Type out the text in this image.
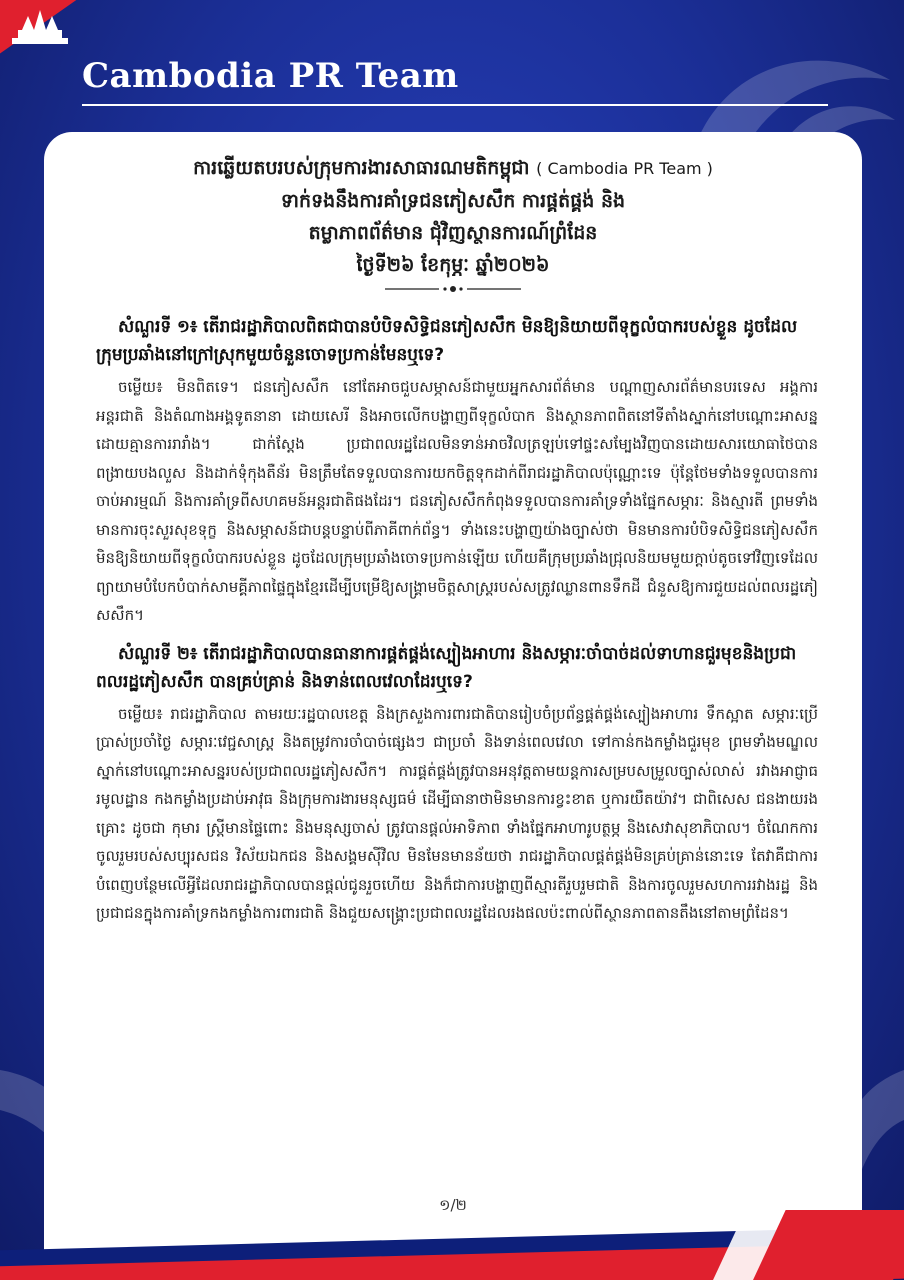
Cambodia PR Team
ការឆ្លើយតបរបស់ក្រុមការងារសាធារណមតិកម្ពុជា ( Cambodia PR Team )
ទាក់ទងនឹងការគាំទ្រជនភៀសសឹក ការផ្គត់ផ្គង់ និង
តម្លាភាពព័ត៌មាន ជុំវិញស្ថានការណ៍ព្រំដែន
ថ្ងៃទី២៦ ខែកុម្ភៈ ឆ្នាំ២០២៦
សំណួរទី ១៖ តើរាជរដ្ឋាភិបាលពិតជាបានបំបិទសិទ្ធិជនភៀសសឹក មិនឱ្យនិយាយពីទុក្ខលំបាករបស់ខ្លួន ដូចដែលក្រុមប្រឆាំងនៅក្រៅស្រុកមួយចំនួនចោទប្រកាន់មែនឬទេ?
ចម្លើយ៖ មិនពិតទេ។ ជនភៀសសឹក នៅតែអាចជួបសម្ភាសន៍ជាមួយអ្នកសារព័ត៌មាន បណ្តាញសារព័ត៌មានបរទេស អង្គការអន្តរជាតិ និងតំណាងអង្គទូតនានា ដោយសេរី និងអាចលើកបង្ហាញពីទុក្ខលំបាក និងស្ថានភាពពិតនៅទីតាំងស្នាក់នៅបណ្តោះអាសន្ន ដោយគ្មានការរារាំង។ ជាក់ស្តែង ប្រជាពលរដ្ឋដែលមិនទាន់អាចវិលត្រឡប់ទៅផ្ទះសម្បែងវិញបានដោយសារយោធាថៃបានពង្រាយបងលួស និងដាក់ទុំកុងតឺន័រ មិនត្រឹមតែទទួលបានការយកចិត្តទុកដាក់ពីរាជរដ្ឋាភិបាលប៉ុណ្ណោះទេ ប៉ុន្តែថែមទាំងទទួលបានការចាប់អារម្មណ៍ និងការគាំទ្រពីសហគមន៍អន្តរជាតិផងដែរ។ ជនភៀសសឹកកំពុងទទួលបានការគាំទ្រទាំងផ្នែកសម្ភារៈ និងស្មារតី ព្រមទាំងមានការចុះសួរសុខទុក្ខ និងសម្ភាសន៍ជាបន្តបន្ទាប់ពីភាគីពាក់ព័ន្ធ។ ទាំងនេះបង្ហាញយ៉ាងច្បាស់ថា មិនមានការបំបិទសិទ្ធិជនភៀសសឹក មិនឱ្យនិយាយពីទុក្ខលំបាករបស់ខ្លួន ដូចដែលក្រុមប្រឆាំងចោទប្រកាន់ឡើយ ហើយគឺក្រុមប្រឆាំងជ្រុលនិយមមួយក្តាប់តូចទៅវិញទេដែលព្យាយាមបំបែកបំបាក់សាមគ្គីភាពផ្ទៃក្នុងខ្មែរដើម្បីបម្រើឱ្យសង្គ្រាមចិត្តសាស្ត្ររបស់សត្រូវឈ្លានពានទឹកដី ជំនួសឱ្យការជួយដល់ពលរដ្ឋភៀសសឹក។
សំណួរទី ២៖ តើរាជរដ្ឋាភិបាលបានធានាការផ្គត់ផ្គង់ស្បៀងអាហារ និងសម្ភារៈចាំបាច់ដល់ទាហានជួរមុខនិងប្រជាពលរដ្ឋភៀសសឹក បានគ្រប់គ្រាន់ និងទាន់ពេលវេលាដែរឬទេ?
ចម្លើយ៖ រាជរដ្ឋាភិបាល តាមរយៈរដ្ឋបាលខេត្ត និងក្រសួងការពារជាតិបានរៀបចំប្រព័ន្ធផ្គត់ផ្គង់ស្បៀងអាហារ ទឹកស្អាត សម្ភារៈប្រើប្រាស់ប្រចាំថ្ងៃ សម្ភារៈវេជ្ជសាស្ត្រ និងតម្រូវការចាំបាច់ផ្សេងៗ ជាប្រចាំ និងទាន់ពេលវេលា ទៅកាន់កងកម្លាំងជួរមុខ ព្រមទាំងមណ្ឌលស្នាក់នៅបណ្តោះអាសន្នរបស់ប្រជាពលរដ្ឋភៀសសឹក។ ការផ្គត់ផ្គង់ត្រូវបានអនុវត្តតាមយន្តការសម្របសម្រួលច្បាស់លាស់ រវាងអាជ្ញាធរមូលដ្ឋាន កងកម្លាំងប្រដាប់អាវុធ និងក្រុមការងារមនុស្សធម៌ ដើម្បីធានាថាមិនមានការខ្វះខាត ឬការយឺតយ៉ាវ។ ជាពិសេស ជនងាយរងគ្រោះ ដូចជា កុមារ ស្ត្រីមានផ្ទៃពោះ និងមនុស្សចាស់ ត្រូវបានផ្តល់អាទិភាព ទាំងផ្នែកអាហារូបត្ថម្ភ និងសេវាសុខាភិបាល។ ចំណែកការចូលរួមរបស់សប្បុរសជន វិស័យឯកជន និងសង្គមស៊ីវិល មិនមែនមានន័យថា រាជរដ្ឋាភិបាលផ្គត់ផ្គង់មិនគ្រប់គ្រាន់នោះទេ តែវាគឺជាការបំពេញបន្ថែមលើអ្វីដែលរាជរដ្ឋាភិបាលបានផ្តល់ជូនរួចហើយ និងក៏ជាការបង្ហាញពីស្មារតីរួបរួមជាតិ និងការចូលរួមសហការរវាងរដ្ឋ និងប្រជាជនក្នុងការគាំទ្រកងកម្លាំងការពារជាតិ និងជួយសង្គ្រោះប្រជាពលរដ្ឋដែលរងផលប៉ះពាល់ពីស្ថានភាពតានតឹងនៅតាមព្រំដែន។
១/២
